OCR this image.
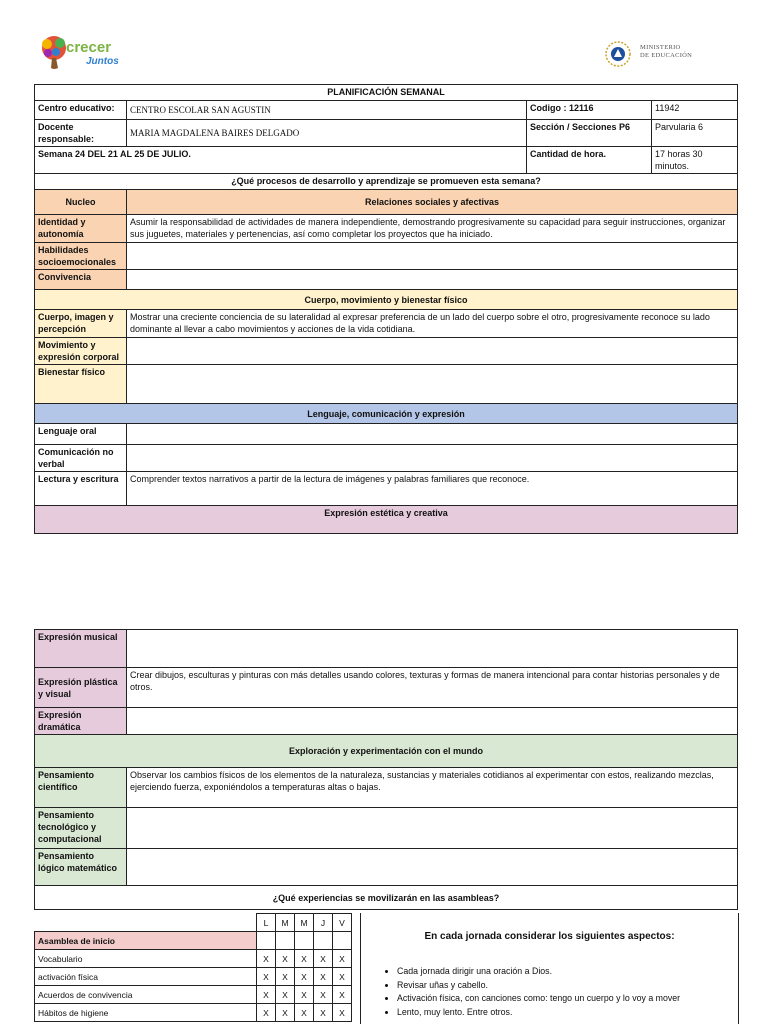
crecer
Juntos
MINISTERIO
DE EDUCACIÓN
PLANIFICACIÓN SEMANAL			
Centro educativo:	CENTRO ESCOLAR SAN AGUSTIN	Codigo : 12116	11942
Docente responsable:	MARIA MAGDALENA BAIRES DELGADO	Sección / Secciones P6	Parvularia 6
Semana 24 DEL 21 AL 25 DE JULIO.		Cantidad de hora.	17 horas 30 minutos.
¿Qué procesos de desarrollo y aprendizaje se promueven esta semana?			
Nucleo	Relaciones sociales y afectivas		
Identidad y autonomía	Asumir la responsabilidad de actividades de manera independiente, demostrando progresivamente su capacidad para seguir instrucciones, organizar sus juguetes, materiales y pertenencias, así como completar los proyectos que ha iniciado.		
Habilidades socioemocionales			
Convivencia			
Cuerpo, movimiento y bienestar físico			
Cuerpo, imagen y percepción	Mostrar una creciente conciencia de su lateralidad al expresar preferencia de un lado del cuerpo sobre el otro, progresivamente reconoce su lado dominante al llevar a cabo movimientos y acciones de la vida cotidiana.		
Movimiento y expresión corporal			
Bienestar físico			
Lenguaje, comunicación y expresión			
Lenguaje oral			
Comunicación no verbal			
Lectura y escritura	Comprender textos narrativos a partir de la lectura de imágenes y palabras familiares que reconoce.		
Expresión estética y creativa			
Expresión musical	
Expresión plástica y visual	Crear dibujos, esculturas y pinturas con más detalles usando colores, texturas y formas de manera intencional para contar historias personales y de otros.
Expresión dramática	
Exploración y experimentación con el mundo	
Pensamiento científico	Observar los cambios físicos de los elementos de la naturaleza, sustancias y materiales cotidianos al experimentar con estos, realizando mezclas, ejerciendo fuerza, exponiéndolos a temperaturas altas o bajas.
Pensamiento tecnológico y computacional	
Pensamiento lógico matemático	
¿Qué experiencias se movilizarán en las asambleas?	
	L	M	M	J	V
Asamblea de inicio					
Vocabulario	X	X	X	X	X
activación física	X	X	X	X	X
Acuerdos de convivencia	X	X	X	X	X
Hábitos de higiene	X	X	X	X	X
En cada jornada considerar los siguientes aspectos:
• Cada jornada dirigir una oración a Dios.
• Revisar uñas y cabello.
• Activación física, con canciones como: tengo un cuerpo y lo voy a mover
• Lento, muy lento. Entre otros.
